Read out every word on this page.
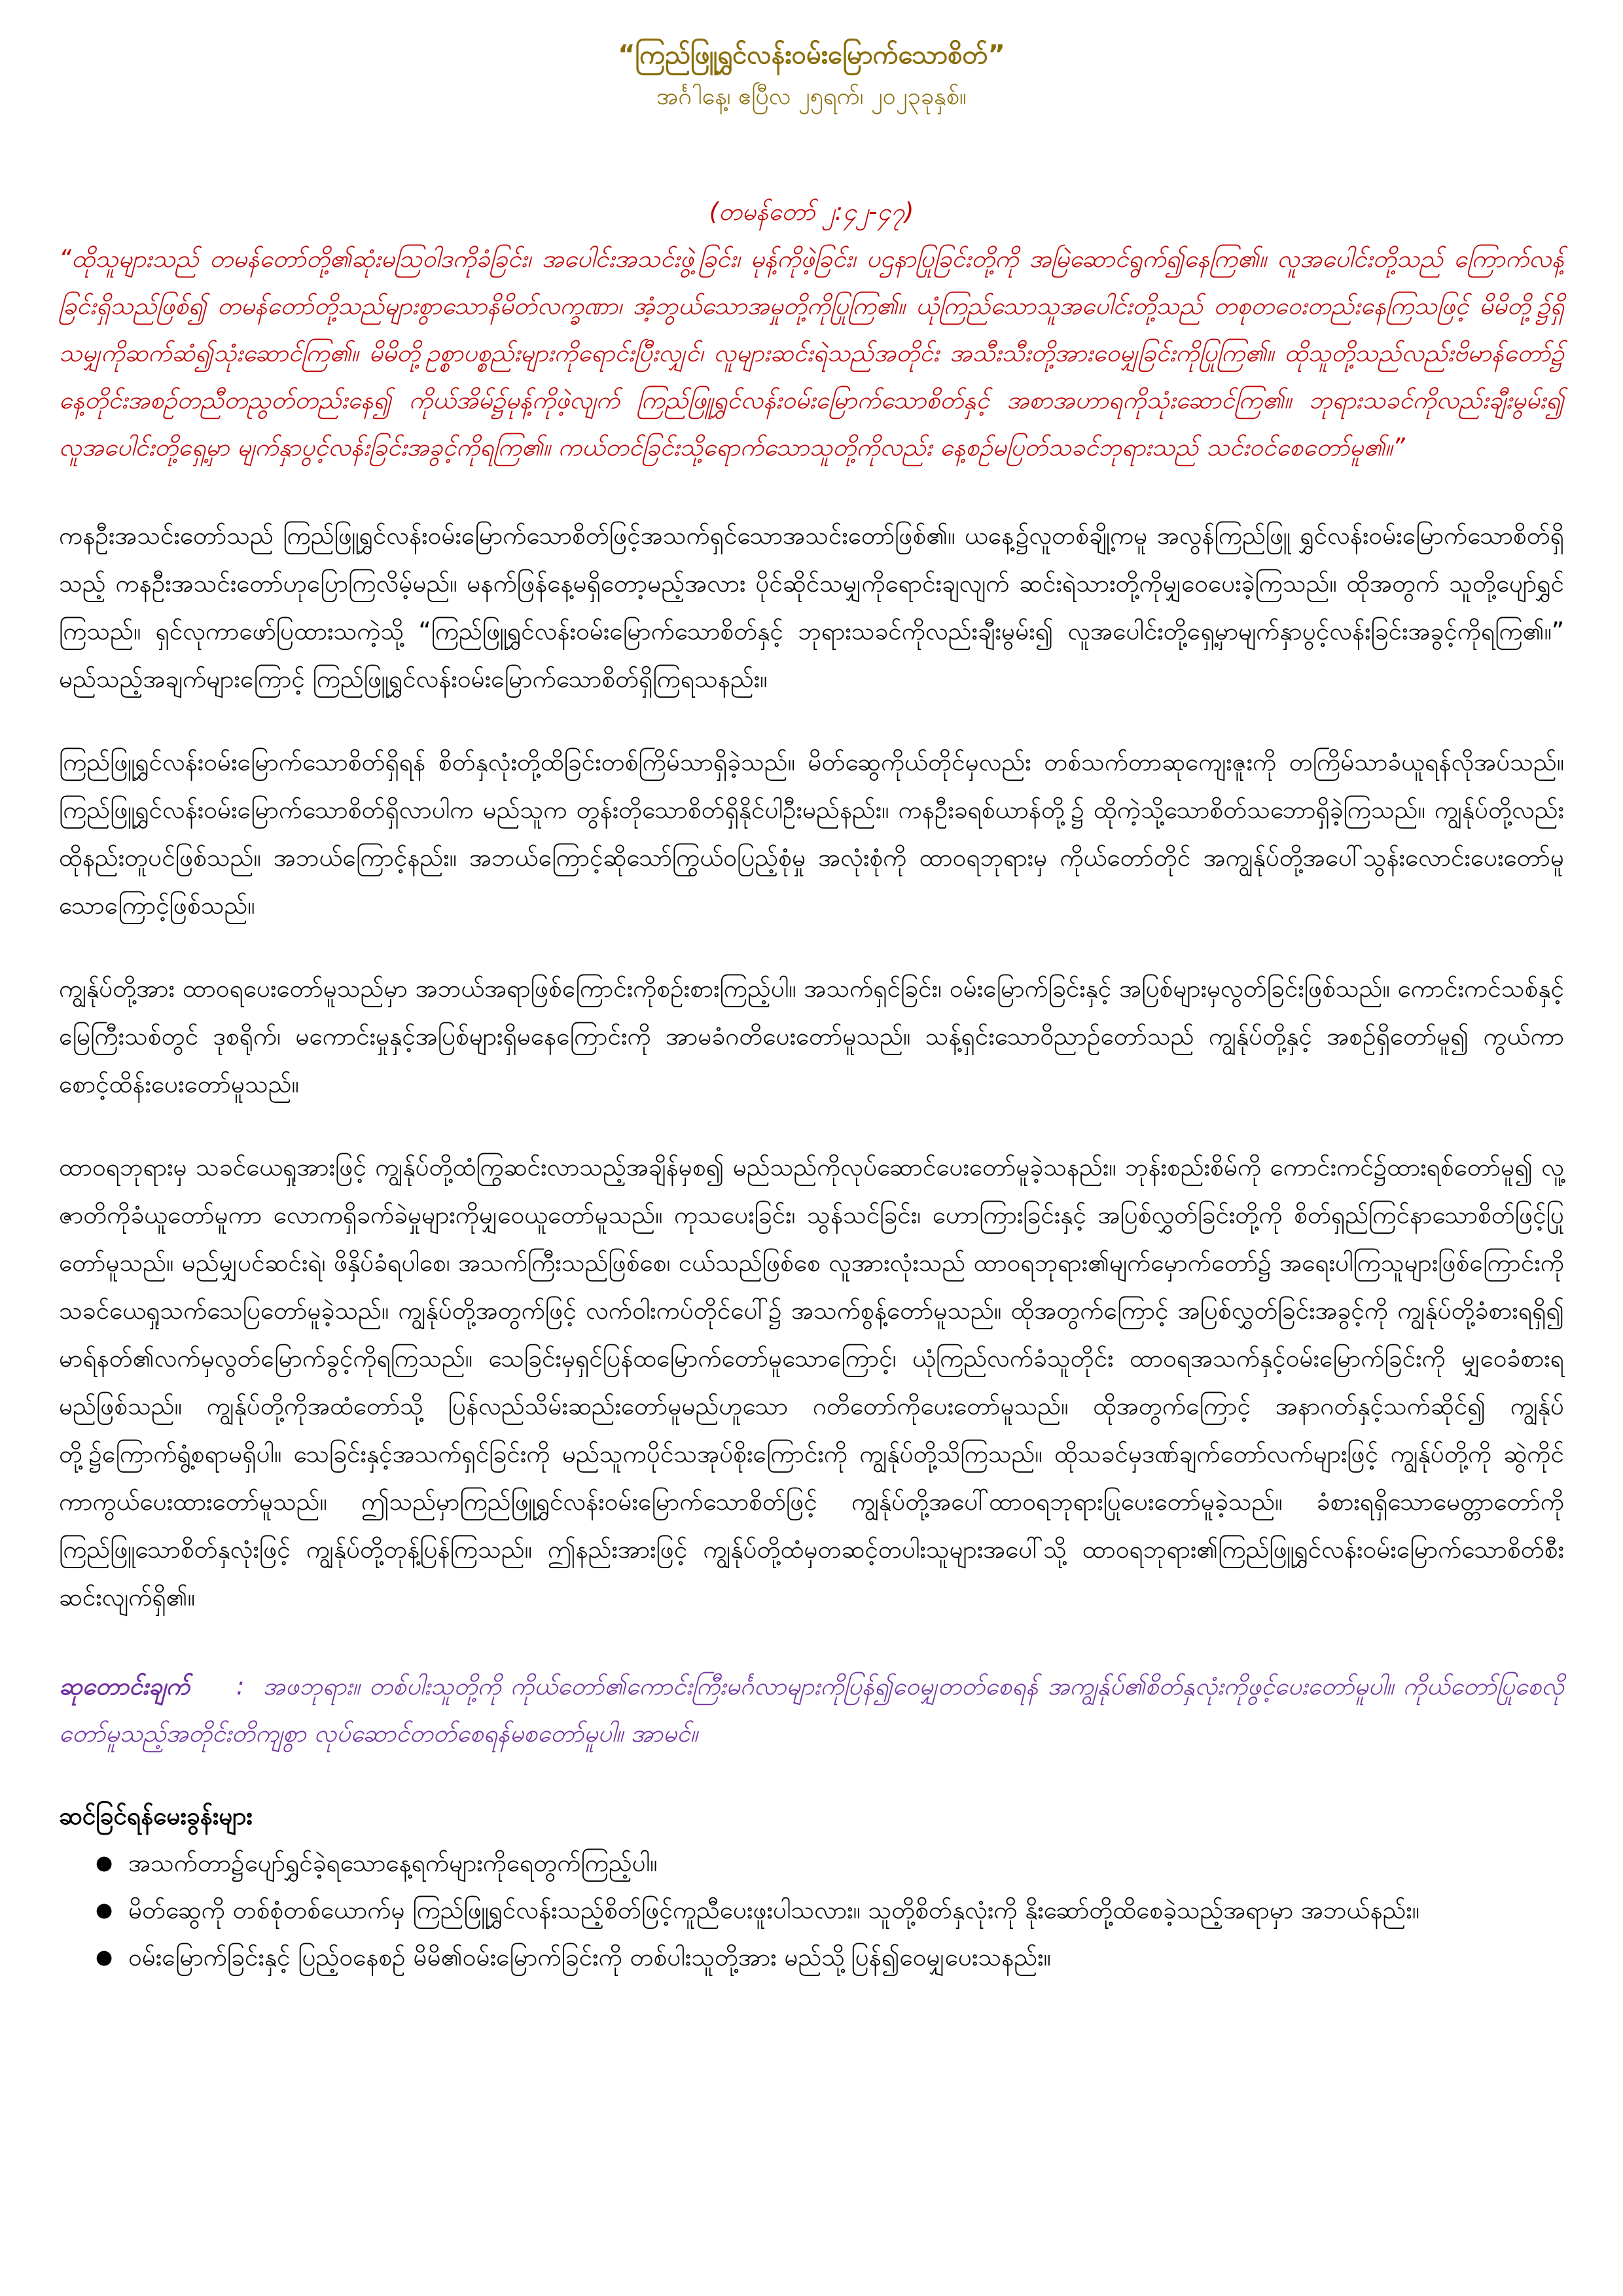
“ကြည်ဖြူရွှင်လန်းဝမ်းမြောက်သောစိတ်”
အင်္ဂါနေ့၊ ဧပြီလ ၂၅ရက်၊ ၂၀၂၃ခုနှစ်။
(တမန်တော် ၂:၄၂-၄၇)
“ထိုသူများသည် တမန်တော်တို့၏ဆုံးမဩဝါဒကိုခံခြင်း၊ အပေါင်းအသင်းဖွဲ့ခြင်း၊ မုန့်ကိုဖဲ့ခြင်း၊ ပဌနာပြုခြင်းတို့ကို အမြဲဆောင်ရွက်၍နေကြ၏။ လူအပေါင်းတို့သည် ကြောက်လန့်ခြင်းရှိသည်ဖြစ်၍ တမန်တော်တို့သည်များစွာသောနိမိတ်လက္ခဏာ၊ အံ့ဘွယ်သောအမှုတို့ကိုပြုကြ၏။ ယုံကြည်သောသူအပေါင်းတို့သည် တစုတဝေးတည်းနေကြသဖြင့် မိမိတို့၌ရှိသမျှကိုဆက်ဆံ၍သုံးဆောင်ကြ၏။ မိမိတို့ဥစ္စာပစ္စည်းများကိုရောင်းပြီးလျှင်၊ လူများဆင်းရဲသည်အတိုင်း အသီးသီးတို့အားဝေမျှခြင်းကိုပြုကြ၏။ ထိုသူတို့သည်လည်းဗိမာန်တော်၌ နေ့တိုင်းအစဉ်တညီတညွတ်တည်းနေ၍ ကိုယ်အိမ်၌မုန့်ကိုဖဲ့လျက် ကြည်ဖြူရွှင်လန်းဝမ်းမြောက်သောစိတ်နှင့် အစာအဟာရကိုသုံးဆောင်ကြ၏။ ဘုရားသခင်ကိုလည်းချီးမွမ်း၍ လူအပေါင်းတို့ရှေ့မှာ မျက်နှာပွင့်လန်းခြင်းအခွင့်ကိုရကြ၏။ ကယ်တင်ခြင်းသို့ရောက်သောသူတို့ကိုလည်း နေ့စဉ်မပြတ်သခင်ဘုရားသည် သင်းဝင်စေတော်မူ၏။”
ကနဦးအသင်းတော်သည် ကြည်ဖြူရွှင်လန်းဝမ်းမြောက်သောစိတ်ဖြင့်အသက်ရှင်သောအသင်းတော်ဖြစ်၏။ ယနေ့၌လူတစ်ချို့ကမူ အလွန်ကြည်ဖြူ ရွှင်လန်းဝမ်းမြောက်သောစိတ်ရှိသည့် ကနဦးအသင်းတော်ဟုပြောကြလိမ့်မည်။ မနက်ဖြန်နေ့မရှိတော့မည့်အလား ပိုင်ဆိုင်သမျှကိုရောင်းချလျက် ဆင်းရဲသားတို့ကိုမျှဝေပေးခဲ့ကြသည်။ ထိုအတွက် သူတို့ပျော်ရွှင်ကြသည်။ ရှင်လုကာဖော်ပြထားသကဲ့သို့ “ကြည်ဖြူရွှင်လန်းဝမ်းမြောက်သောစိတ်နှင့် ဘုရားသခင်ကိုလည်းချီးမွမ်း၍ လူအပေါင်းတို့ရှေ့မှာမျက်နှာပွင့်လန်းခြင်းအခွင့်ကိုရကြ၏။” မည်သည့်အချက်များကြောင့် ကြည်ဖြူရွှင်လန်းဝမ်းမြောက်သောစိတ်ရှိကြရသနည်း။
ကြည်ဖြူရွှင်လန်းဝမ်းမြောက်သောစိတ်ရှိရန် စိတ်နှလုံးတို့ထိခြင်းတစ်ကြိမ်သာရှိခဲ့သည်။ မိတ်ဆွေကိုယ်တိုင်မှလည်း တစ်သက်တာဆုကျေးဇူးကို တကြိမ်သာခံယူရန်လိုအပ်သည်။ ကြည်ဖြူရွှင်လန်းဝမ်းမြောက်သောစိတ်ရှိလာပါက မည်သူက တွန်းတိုသောစိတ်ရှိနိုင်ပါဦးမည်နည်း။ ကနဦးခရစ်ယာန်တို့၌ ထိုကဲ့သို့သောစိတ်သဘောရှိခဲ့ကြသည်။ ကျွန်ုပ်တို့လည်းထိုနည်းတူပင်ဖြစ်သည်။ အဘယ်ကြောင့်နည်း။ အဘယ်ကြောင့်ဆိုသော်ကြွယ်ဝပြည့်စုံမှု အလုံးစုံကို ထာဝရဘုရားမှ ကိုယ်တော်တိုင် အကျွန်ုပ်တို့အပေါ်သွန်းလောင်းပေးတော်မူသောကြောင့်ဖြစ်သည်။
ကျွန်ုပ်တို့အား ထာဝရပေးတော်မူသည်မှာ အဘယ်အရာဖြစ်ကြောင်းကိုစဉ်းစားကြည့်ပါ။ အသက်ရှင်ခြင်း၊ ဝမ်းမြောက်ခြင်းနှင့် အပြစ်များမှလွတ်ခြင်းဖြစ်သည်။ ကောင်းကင်သစ်နှင့်မြေကြီးသစ်တွင် ဒုစရိုက်၊ မကောင်းမှုနှင့်အပြစ်များရှိမနေကြောင်းကို အာမခံဂတိပေးတော်မူသည်။ သန့်ရှင်းသောဝိညာဉ်တော်သည် ကျွန်ုပ်တို့နှင့် အစဉ်ရှိတော်မူ၍ ကွယ်ကာစောင့်ထိန်းပေးတော်မူသည်။
ထာဝရဘုရားမှ သခင်ယေရှုအားဖြင့် ကျွန်ုပ်တို့ထံကြွဆင်းလာသည့်အချိန်မှစ၍ မည်သည်ကိုလုပ်ဆောင်ပေးတော်မူခဲ့သနည်း။ ဘုန်းစည်းစိမ်ကို ကောင်းကင်၌ထားရစ်တော်မူ၍ လူ့ဇာတိကိုခံယူတော်မူကာ လောကရှိခက်ခဲမှုများကိုမျှဝေယူတော်မူသည်။ ကုသပေးခြင်း၊ သွန်သင်ခြင်း၊ ဟောကြားခြင်းနှင့် အပြစ်လွှတ်ခြင်းတို့ကို စိတ်ရှည်ကြင်နာသောစိတ်ဖြင့်ပြုတော်မူသည်။ မည်မျှပင်ဆင်းရဲ၊ ဖိနှိပ်ခံရပါစေ၊ အသက်ကြီးသည်ဖြစ်စေ၊ ငယ်သည်ဖြစ်စေ လူအားလုံးသည် ထာဝရဘုရား၏မျက်မှောက်တော်၌ အရေးပါကြသူများဖြစ်ကြောင်းကို သခင်ယေရှုသက်သေပြတော်မူခဲ့သည်။ ကျွန်ုပ်တို့အတွက်ဖြင့် လက်ဝါးကပ်တိုင်ပေါ်၌ အသက်စွန့်တော်မူသည်။ ထိုအတွက်ကြောင့် အပြစ်လွှတ်ခြင်းအခွင့်ကို ကျွန်ုပ်တို့ခံစားရရှိ၍ မာရ်နတ်၏လက်မှလွတ်မြောက်ခွင့်ကိုရကြသည်။ သေခြင်းမှရှင်ပြန်ထမြောက်တော်မူသောကြောင့်၊ ယုံကြည်လက်ခံသူတိုင်း ထာဝရအသက်နှင့်ဝမ်းမြောက်ခြင်းကို မျှဝေခံစားရမည်ဖြစ်သည်။ ကျွန်ုပ်တို့ကိုအထံတော်သို့ ပြန်လည်သိမ်းဆည်းတော်မူမည်ဟူသော ဂတိတော်ကိုပေးတော်မူသည်။ ထိုအတွက်ကြောင့် အနာဂတ်နှင့်သက်ဆိုင်၍ ကျွန်ုပ်တို့၌ကြောက်ရွံ့စရာမရှိပါ။ သေခြင်းနှင့်အသက်ရှင်ခြင်းကို မည်သူကပိုင်သအုပ်စိုးကြောင်းကို ကျွန်ုပ်တို့သိကြသည်။ ထိုသခင်မှဒဏ်ချက်တော်လက်များဖြင့် ကျွန်ုပ်တို့ကို ဆွဲကိုင်ကာကွယ်ပေးထားတော်မူသည်။ ဤသည်မှာကြည်ဖြူရွှင်လန်းဝမ်းမြောက်သောစိတ်ဖြင့် ကျွန်ုပ်တို့အပေါ်ထာဝရဘုရားပြုပေးတော်မူခဲ့သည်။ ခံစားရရှိသောမေတ္တာတော်ကို ကြည်ဖြူသောစိတ်နှလုံးဖြင့် ကျွန်ုပ်တို့တုန့်ပြန်ကြသည်။ ဤနည်းအားဖြင့် ကျွန်ုပ်တို့ထံမှတဆင့်တပါးသူများအပေါ်သို့ ထာဝရဘုရား၏ကြည်ဖြူရွှင်လန်းဝမ်းမြောက်သောစိတ်စီးဆင်းလျက်ရှိ၏။
ဆုတောင်းချက် : အဖဘုရား။ တစ်ပါးသူတို့ကို ကိုယ်တော်၏ကောင်းကြီးမင်္ဂလာများကိုပြန်၍ဝေမျှတတ်စေရန် အကျွန်ုပ်၏စိတ်နှလုံးကိုဖွင့်ပေးတော်မူပါ။ ကိုယ်တော်ပြုစေလိုတော်မူသည့်အတိုင်းတိကျစွာ လုပ်ဆောင်တတ်စေရန်မစတော်မူပါ။ အာမင်။
ဆင်ခြင်ရန်မေးခွန်းများ
● အသက်တာ၌ပျော်ရွှင်ခဲ့ရသောနေ့ရက်များကိုရေတွက်ကြည့်ပါ။
● မိတ်ဆွေကို တစ်စုံတစ်ယောက်မှ ကြည်ဖြူရွှင်လန်းသည့်စိတ်ဖြင့်ကူညီပေးဖူးပါသလား။ သူတို့စိတ်နှလုံးကို နိုးဆော်တို့ထိစေခဲ့သည့်အရာမှာ အဘယ်နည်း။
● ဝမ်းမြောက်ခြင်းနှင့် ပြည့်ဝနေစဉ် မိမိ၏ဝမ်းမြောက်ခြင်းကို တစ်ပါးသူတို့အား မည်သို့ပြန်၍ဝေမျှပေးသနည်း။
